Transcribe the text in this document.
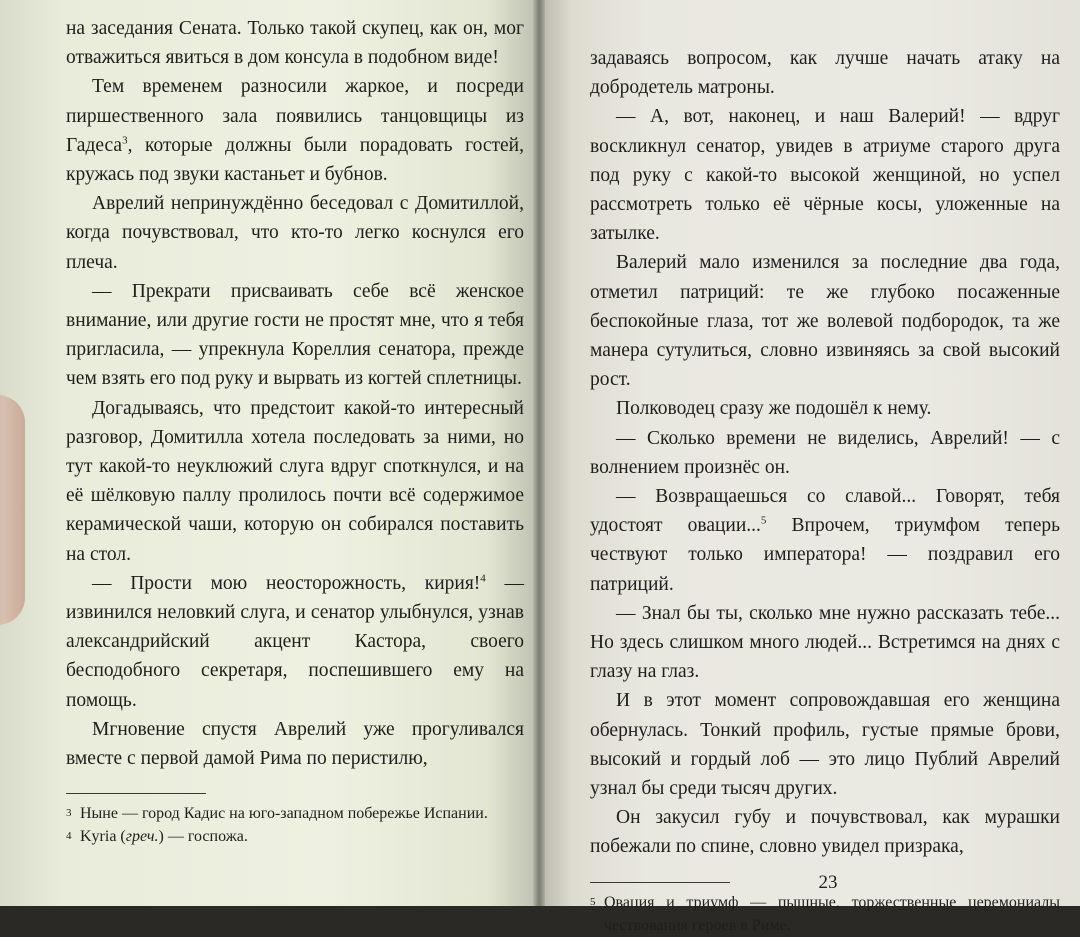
на заседания Сената. Только такой скупец, как он, мог отважиться явиться в дом консула в подобном виде!

Тем временем разносили жаркое, и посреди пиршественного зала появились танцовщицы из Гадеса$^3$, которые должны были порадовать гостей, кружась под звуки кастаньет и бубнов.

Аврелий непринуждённо беседовал с Домитиллой, когда почувствовал, что кто-то легко коснулся его плеча.

— Прекрати присваивать себе всё женское внимание, или другие гости не простят мне, что я тебя пригласила, — упрекнула Кореллия сенатора, прежде чем взять его под руку и вырвать из когтей сплетницы.

Догадываясь, что предстоит какой-то интересный разговор, Домитилла хотела последовать за ними, но тут какой-то неуклюжий слуга вдруг споткнулся, и на её шёлковую паллу пролилось почти всё содержимое керамической чаши, которую он собирался поставить на стол.

— Прости мою неосторожность, кирия!$^4$ — извинился неловкий слуга, и сенатор улыбнулся, узнав александрийский акцент Кастора, своего бесподобного секретаря, поспешившего ему на помощь.

Мгновение спустя Аврелий уже прогуливался вместе с первой дамой Рима по перистилю,

3 Ныне — город Кадис на юго-западном побережье Испании.

4 Kyria (греч.) — госпожа.

задаваясь вопросом, как лучше начать атаку на добродетель матроны.

— А, вот, наконец, и наш Валерий! — вдруг воскликнул сенатор, увидев в атриуме старого друга под руку с какой-то высокой женщиной, но успел рассмотреть только её чёрные косы, уложенные на затылке.

Валерий мало изменился за последние два года, отметил патриций: те же глубоко посаженные беспокойные глаза, тот же волевой подбородок, та же манера сутулиться, словно извиняясь за свой высокий рост.

Полководец сразу же подошёл к нему.

— Сколько времени не виделись, Аврелий! — с волнением произнёс он.

— Возвращаешься со славой... Говорят, тебя удостоят овации...$^5$ Впрочем, триумфом теперь чествуют только императора! — поздравил его патриций.

— Знал бы ты, сколько мне нужно рассказать тебе... Но здесь слишком много людей... Встретимся на днях с глазу на глаз.

И в этот момент сопровождавшая его женщина обернулась. Тонкий профиль, густые прямые брови, высокий и гордый лоб — это лицо Публий Аврелий узнал бы среди тысяч других.

Он закусил губу и почувствовал, как мурашки побежали по спине, словно увидел призрака,

5 Овация и триумф — пышные, торжественные церемониалы чествования героев в Риме.

23
